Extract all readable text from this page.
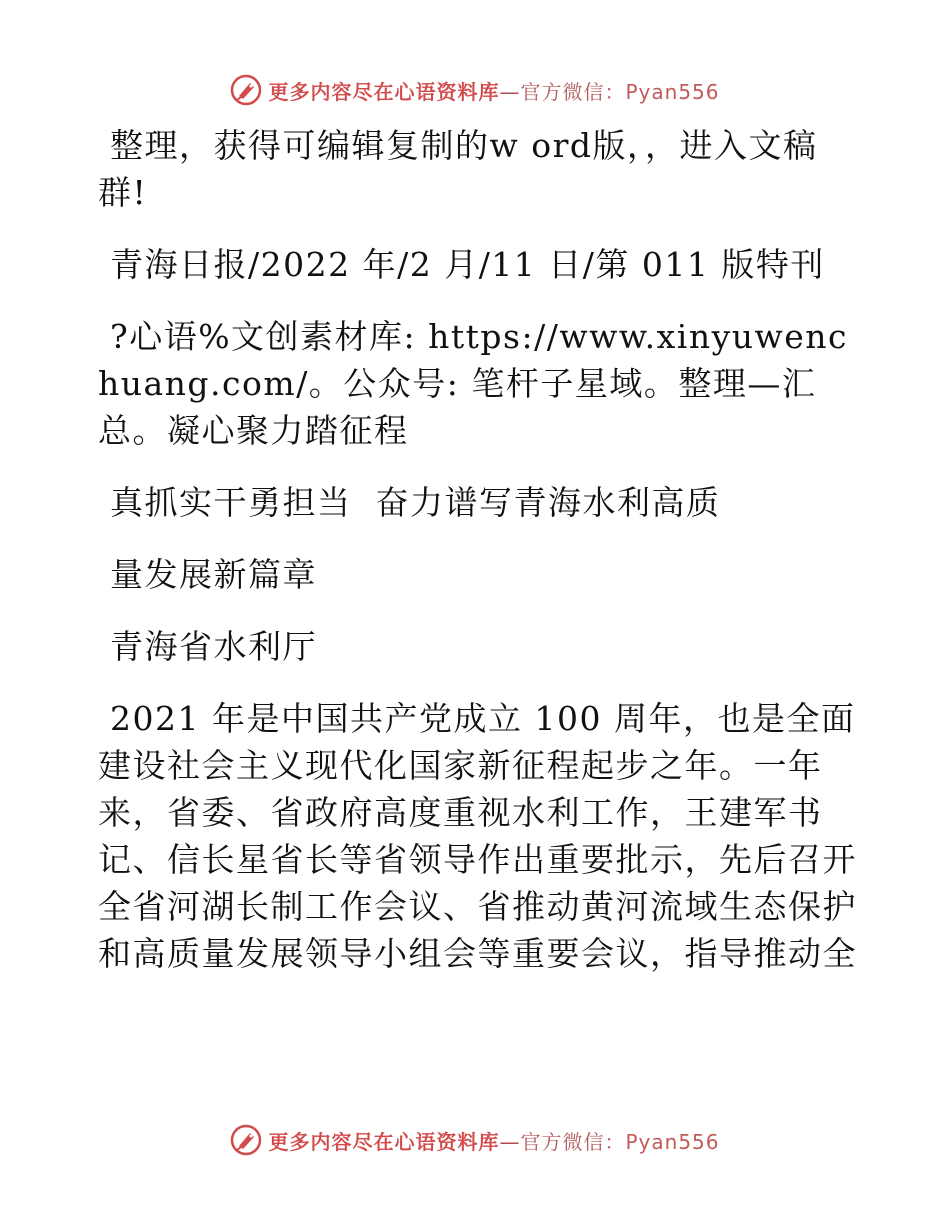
更多内容尽在心语资料库—官方微信：Pyan556

整理，获得可编辑复制的w ord版，，进入文稿群!

青海日报/2022 年/2 月/11 日/第 011 版特刊

?心语%文创素材库: https://www.xinyuwenchuang.com/。公众号: 笔杆子星域。整理—汇总。凝心聚力踏征程

真抓实干勇担当  奋力谱写青海水利高质

量发展新篇章

青海省水利厅

2021 年是中国共产党成立 100 周年，也是全面建设社会主义现代化国家新征程起步之年。一年来，省委、省政府高度重视水利工作，王建军书记、信长星省长等省领导作出重要批示，先后召开全省河湖长制工作会议、省推动黄河流域生态保护和高质量发展领导小组会等重要会议，指导推动全

更多内容尽在心语资料库—官方微信：Pyan556
